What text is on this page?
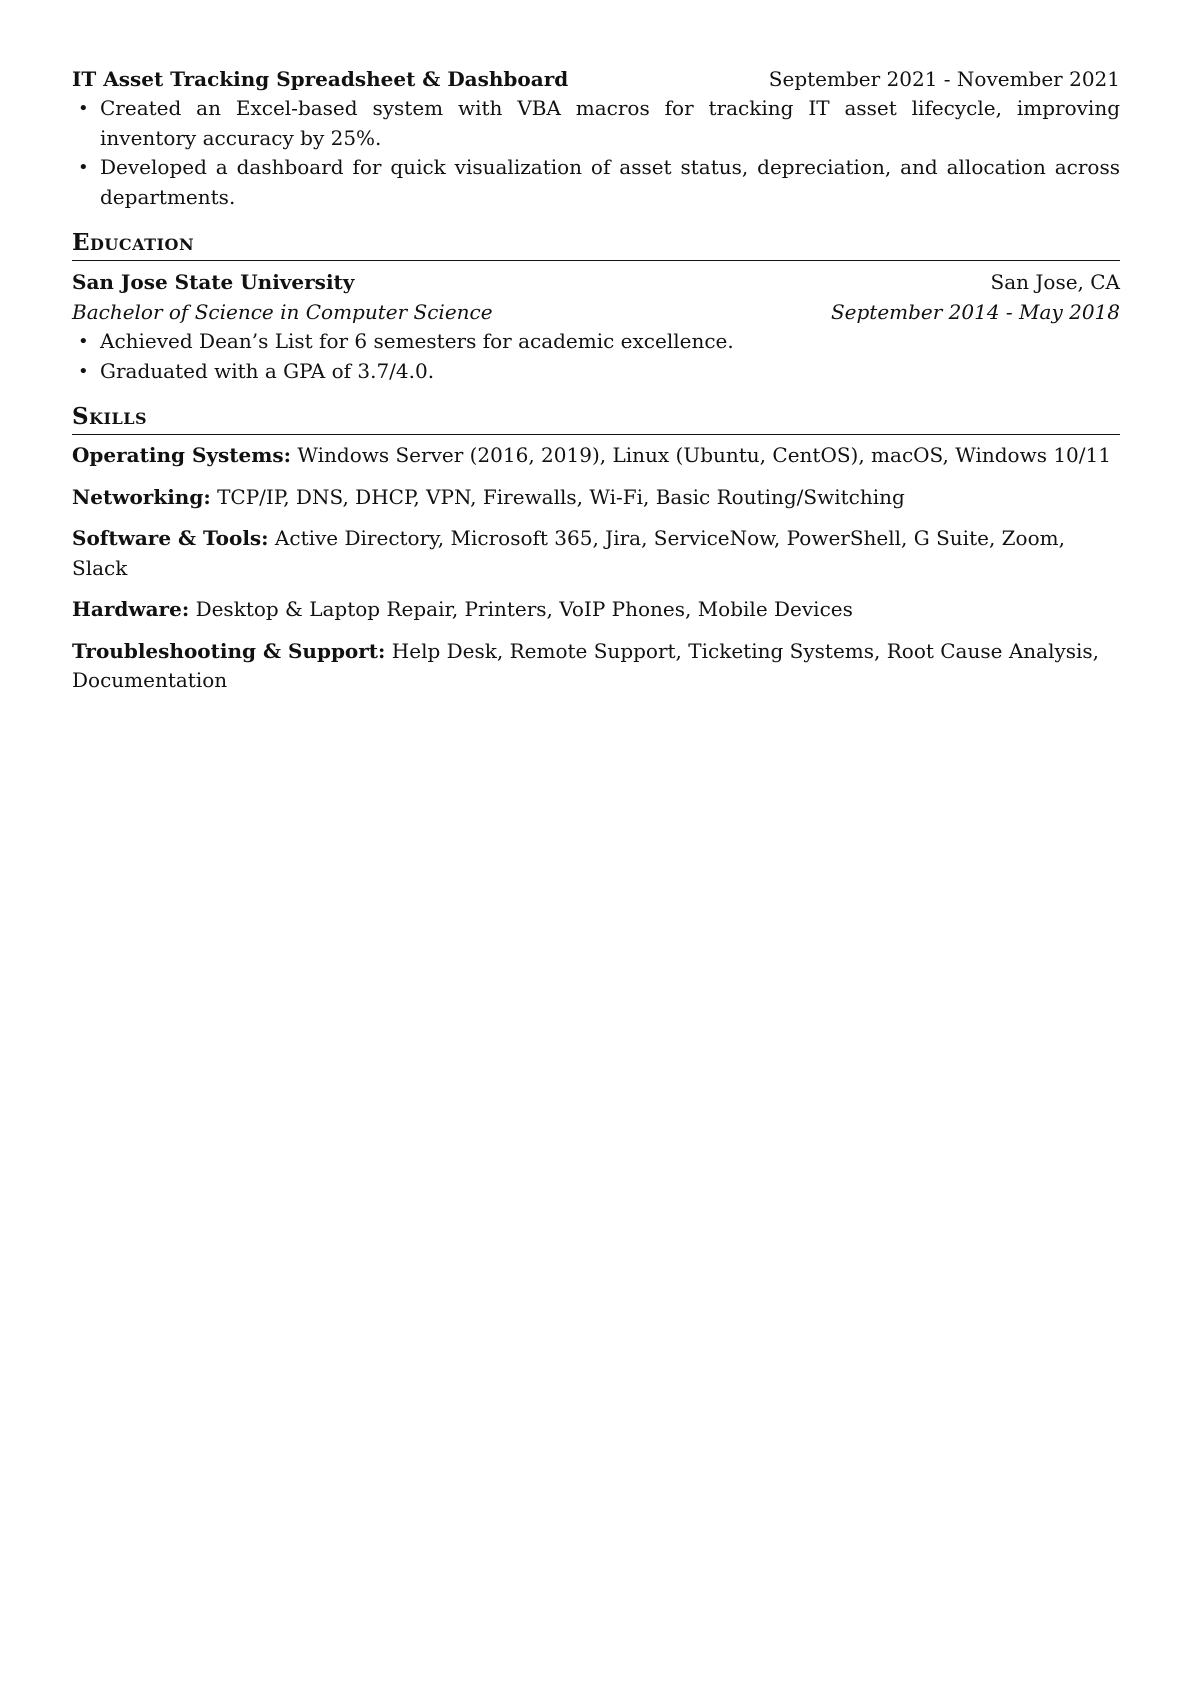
IT Asset Tracking Spreadsheet & Dashboard	September 2021 - November 2021
• Created an Excel-based system with VBA macros for tracking IT asset lifecycle, improving inventory accuracy by 25%.
• Developed a dashboard for quick visualization of asset status, depreciation, and allocation across departments.
Education
San Jose State University	San Jose, CA
Bachelor of Science in Computer Science	September 2014 - May 2018
• Achieved Dean’s List for 6 semesters for academic excellence.
• Graduated with a GPA of 3.7/4.0.
Skills

Operating Systems: Windows Server (2016, 2019), Linux (Ubuntu, CentOS), macOS, Windows 10/11

Networking: TCP/IP, DNS, DHCP, VPN, Firewalls, Wi-Fi, Basic Routing/Switching

Software & Tools: Active Directory, Microsoft 365, Jira, ServiceNow, PowerShell, G Suite, Zoom, Slack

Hardware: Desktop & Laptop Repair, Printers, VoIP Phones, Mobile Devices

Troubleshooting & Support: Help Desk, Remote Support, Ticketing Systems, Root Cause Analysis, Documentation
